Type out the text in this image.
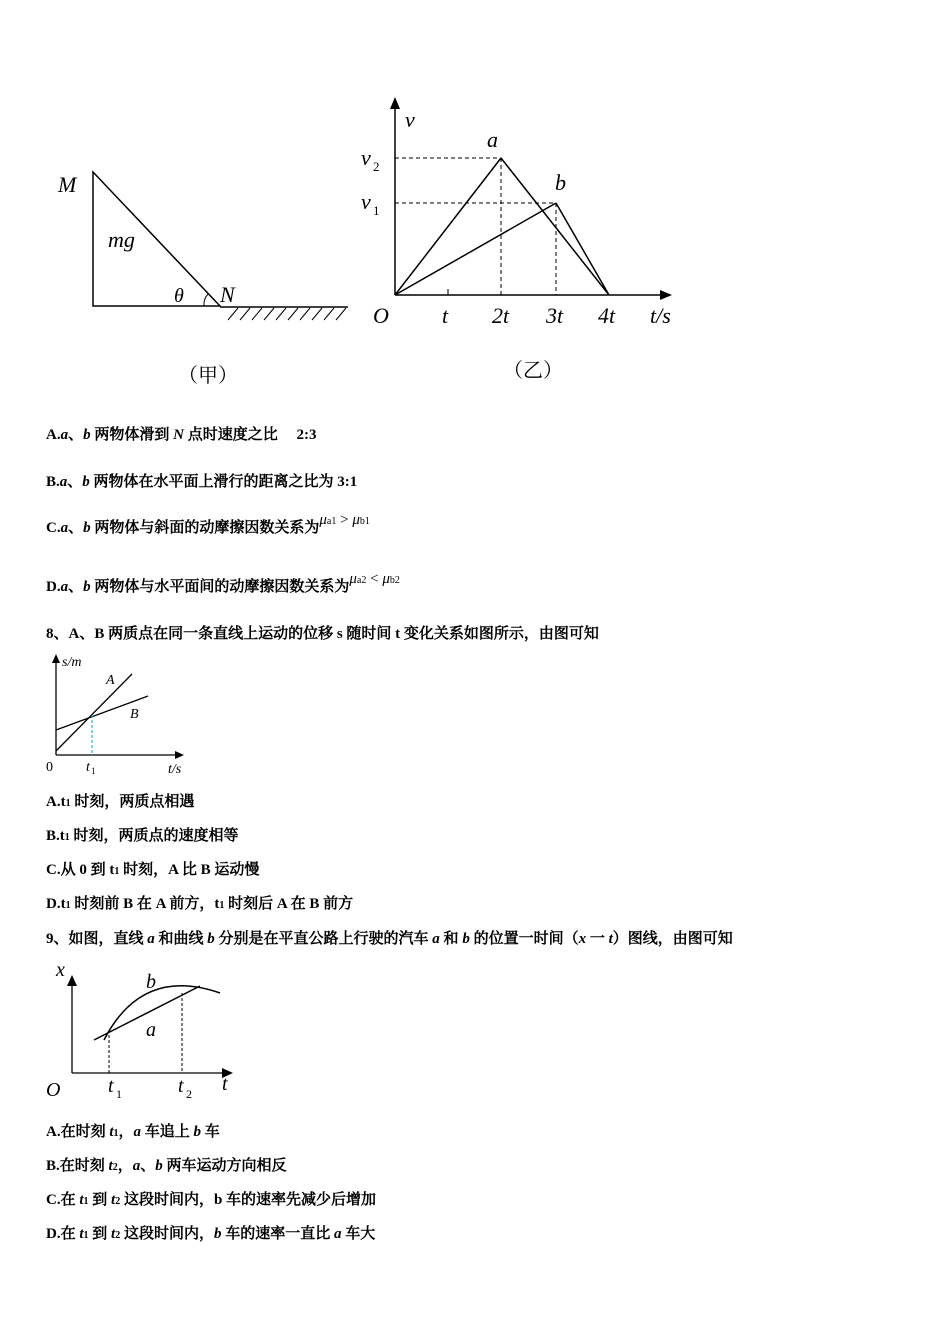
M
mg
θ N
（甲）
v
a
b
v 2
v 1
O t 2t 3t 4t t/s
（乙）
A.a、b 两物体滑到 N 点时速度之比　 2:3
B.a、b 两物体在水平面上滑行的距离之比为 3:1
C.a、b 两物体与斜面的动摩擦因数关系为μa1 > μb1
D.a、b 两物体与水平面间的动摩擦因数关系为μa2 < μb2
8、A、B 两质点在同一条直线上运动的位移 s 随时间 t 变化关系如图所示，由图可知
s/m
A
B
0 t 1	t/s
A.t1 时刻，两质点相遇
B.t1 时刻，两质点的速度相等
C.从 0 到 t1 时刻，A 比 B 运动慢
D.t1 时刻前 B 在 A 前方，t1 时刻后 A 在 B 前方
9、如图，直线 a 和曲线 b 分别是在平直公路上行驶的汽车 a 和 b 的位置一时间（x 一 t）图线，由图可知
x
b
a
O t 1	t 2 t
A.在时刻 t1，a 车追上 b 车
B.在时刻 t2，a、b 两车运动方向相反
C.在 t1 到 t2 这段时间内，b 车的速率先减少后增加
D.在 t1 到 t2 这段时间内，b 车的速率一直比 a 车大
